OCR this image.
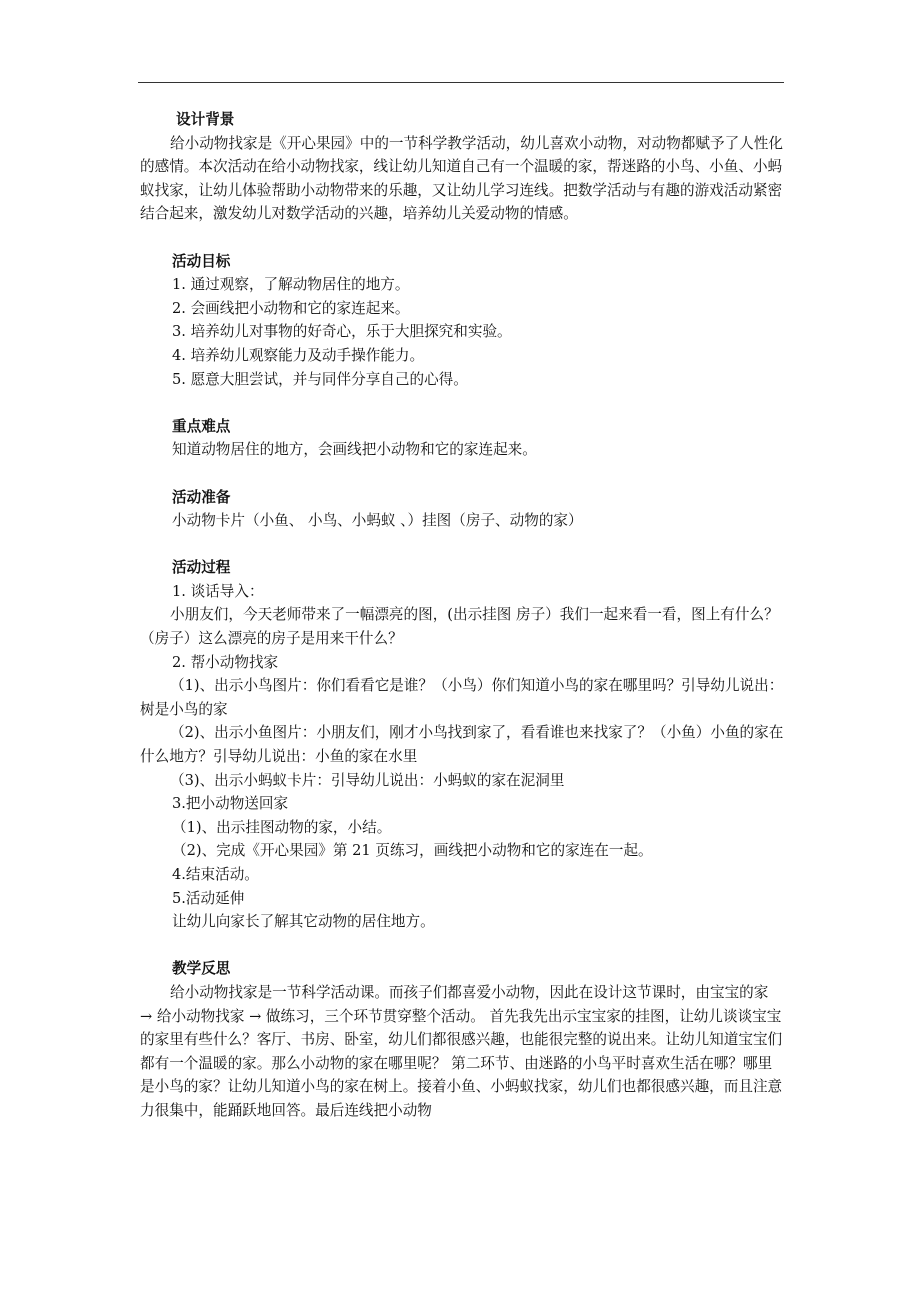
设计背景

给小动物找家是《开心果园》中的一节科学教学活动，幼儿喜欢小动物，对动物都赋予了人性化的感情。本次活动在给小动物找家，线让幼儿知道自己有一个温暖的家，帮迷路的小鸟、小鱼、小蚂蚁找家，让幼儿体验帮助小动物带来的乐趣，又让幼儿学习连线。把数学活动与有趣的游戏活动紧密结合起来，激发幼儿对数学活动的兴趣，培养幼儿关爱动物的情感。

活动目标

1. 通过观察，了解动物居住的地方。

2. 会画线把小动物和它的家连起来。

3. 培养幼儿对事物的好奇心，乐于大胆探究和实验。

4. 培养幼儿观察能力及动手操作能力。

5. 愿意大胆尝试，并与同伴分享自己的心得。

重点难点

知道动物居住的地方，会画线把小动物和它的家连起来。

活动准备

小动物卡片（小鱼、 小鸟、小蚂蚁 、）挂图（房子、动物的家）

活动过程

1. 谈话导入：

小朋友们，今天老师带来了一幅漂亮的图，(出示挂图 房子）我们一起来看一看，图上有什么？（房子）这么漂亮的房子是用来干什么？

2. 帮小动物找家

（1)、出示小鸟图片：你们看看它是谁？（小鸟）你们知道小鸟的家在哪里吗？引导幼儿说出：树是小鸟的家

（2)、出示小鱼图片：小朋友们，刚才小鸟找到家了，看看谁也来找家了？（小鱼）小鱼的家在什么地方？引导幼儿说出：小鱼的家在水里

（3)、出示小蚂蚁卡片：引导幼儿说出：小蚂蚁的家在泥洞里

3.把小动物送回家

（1)、出示挂图动物的家，小结。

（2)、完成《开心果园》第 21 页练习，画线把小动物和它的家连在一起。

4.结束活动。

5.活动延伸

让幼儿向家长了解其它动物的居住地方。

教学反思

给小动物找家是一节科学活动课。而孩子们都喜爱小动物，因此在设计这节课时，由宝宝的家 → 给小动物找家 → 做练习，三个环节贯穿整个活动。 首先我先出示宝宝家的挂图，让幼儿谈谈宝宝的家里有些什么？客厅、书房、卧室，幼儿们都很感兴趣，也能很完整的说出来。让幼儿知道宝宝们都有一个温暖的家。那么小动物的家在哪里呢？ 第二环节、由迷路的小鸟平时喜欢生活在哪？哪里是小鸟的家？让幼儿知道小鸟的家在树上。接着小鱼、小蚂蚁找家，幼儿们也都很感兴趣，而且注意力很集中，能踊跃地回答。最后连线把小动物
